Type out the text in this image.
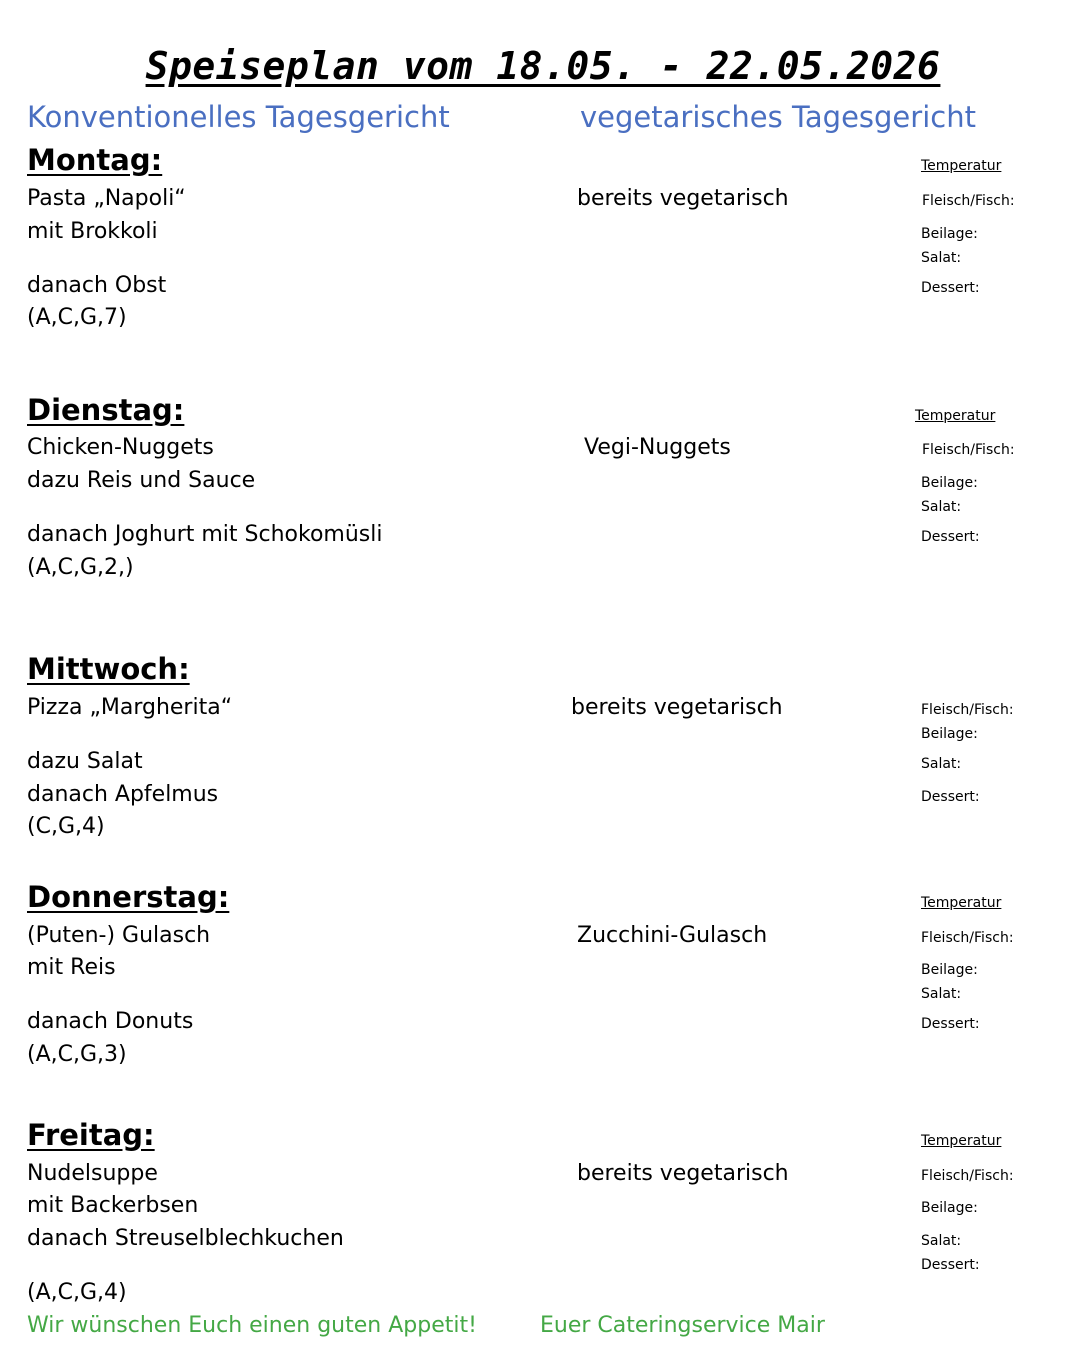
Speiseplan vom 18.05. - 22.05.2026
Konventionelles Tagesgericht	vegetarisches Tagesgericht
Montag:	Temperatur
Pasta „Napoli“	bereits vegetarisch	Fleisch/Fisch:
mit Brokkoli	Beilage:
Salat:
danach Obst	Dessert:
(A,C,G,7)
Dienstag:	Temperatur
Chicken-Nuggets	Vegi-Nuggets	Fleisch/Fisch:
dazu Reis und Sauce	Beilage:
Salat:
danach Joghurt mit Schokomüsli	Dessert:
(A,C,G,2,)
Mittwoch:
Pizza „Margherita“	bereits vegetarisch	Fleisch/Fisch:
Beilage:
dazu Salat	Salat:
danach Apfelmus	Dessert:
(C,G,4)
Donnerstag:	Temperatur
(Puten-) Gulasch	Zucchini-Gulasch	Fleisch/Fisch:
mit Reis	Beilage:
Salat:
danach Donuts	Dessert:
(A,C,G,3)
Freitag:	Temperatur
Nudelsuppe	bereits vegetarisch	Fleisch/Fisch:
mit Backerbsen	Beilage:
danach Streuselblechkuchen	Salat:
Dessert:
(A,C,G,4)
Wir wünschen Euch einen guten Appetit!	Euer Cateringservice Mair
